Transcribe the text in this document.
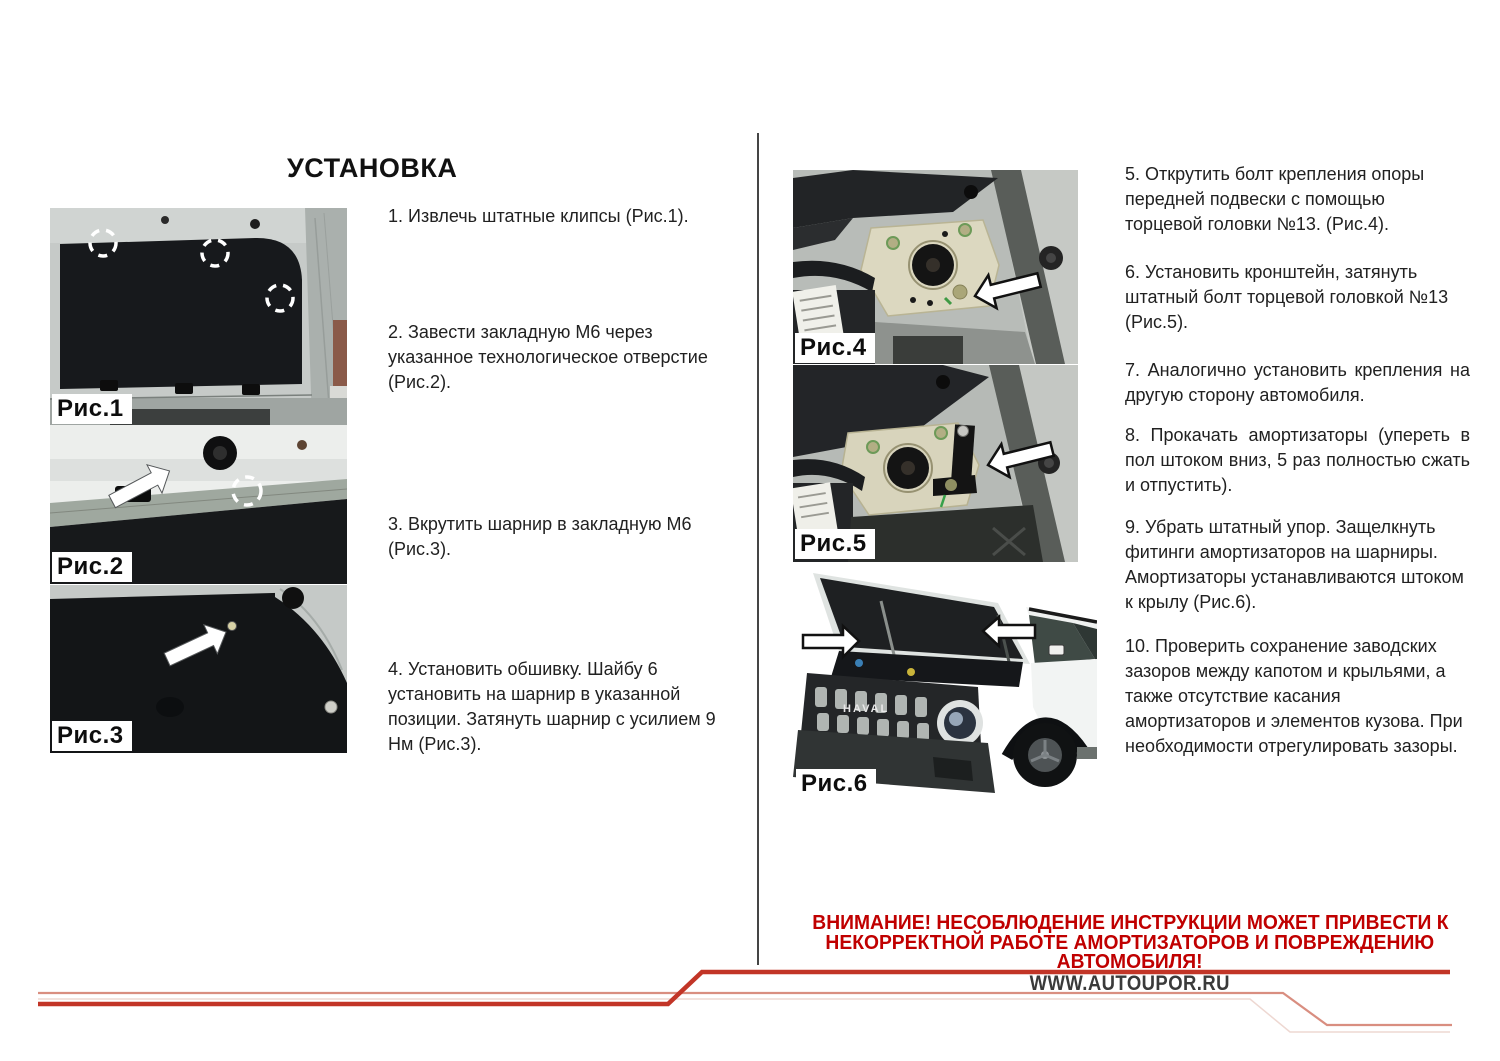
УСТАНОВКА
1. Извлечь штатные клипсы (Рис.1).
2. Завести закладную М6 через
указанное технологическое отверстие
(Рис.2).
3. Вкрутить шарнир в закладную М6
(Рис.3).
4. Установить обшивку. Шайбу 6
установить на шарнир в указанной
позиции. Затянуть шарнир с усилием 9
Нм (Рис.3).
5. Открутить болт крепления опоры
передней подвески с помощью
торцевой головки №13. (Рис.4).
6. Установить кронштейн, затянуть
штатный болт торцевой головкой №13
(Рис.5).
7. Аналогично установить крепления на
другую сторону автомобиля.
8. Прокачать амортизаторы (упереть в
пол штоком вниз, 5 раз полностью сжать
и отпустить).
9. Убрать штатный упор. Защелкнуть
фитинги амортизаторов на шарниры.
Амортизаторы устанавливаются штоком
к крылу (Рис.6).
10. Проверить сохранение заводских
зазоров между капотом и крыльями, а
также отсутствие касания
амортизаторов и элементов кузова. При
необходимости отрегулировать зазоры.
Рис.1
Рис.2
Рис.3
Рис.4
Рис.5
HAVAL
Рис.6
ВНИМАНИЕ! НЕСОБЛЮДЕНИЕ ИНСТРУКЦИИ МОЖЕТ ПРИВЕСТИ К
НЕКОРРЕКТНОЙ РАБОТЕ АМОРТИЗАТОРОВ И ПОВРЕЖДЕНИЮ
АВТОМОБИЛЯ!
WWW.AUTOUPOR.RU
